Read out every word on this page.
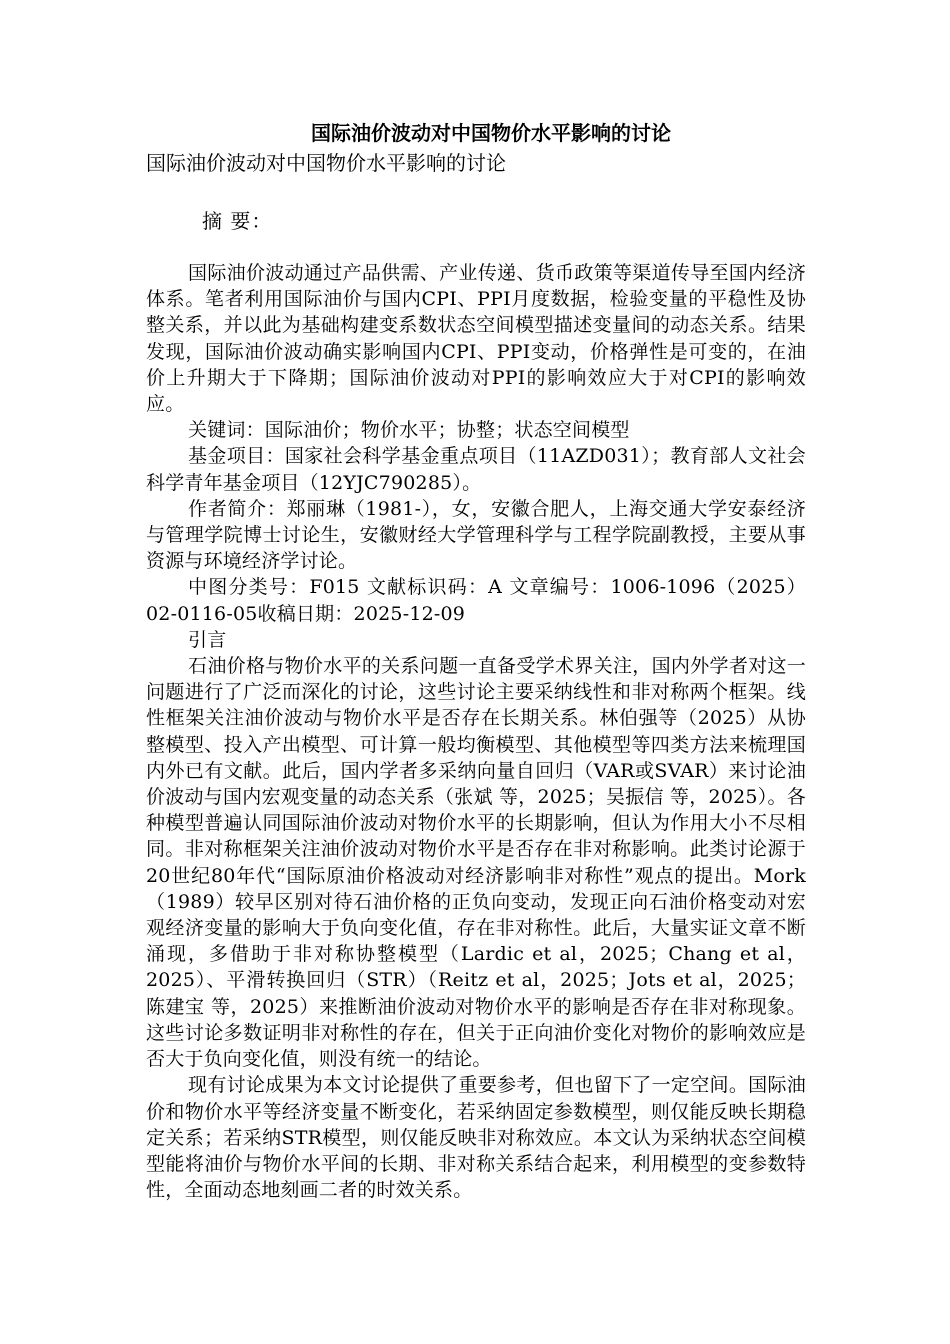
国际油价波动对中国物价水平影响的讨论
国际油价波动对中国物价水平影响的讨论
摘 要：

国际油价波动通过产品供需、产业传递、货币政策等渠道传导至国内经济体系。笔者利用国际油价与国内CPI、PPI月度数据，检验变量的平稳性及协整关系，并以此为基础构建变系数状态空间模型描述变量间的动态关系。结果发现，国际油价波动确实影响国内CPI、PPI变动，价格弹性是可变的，在油价上升期大于下降期；国际油价波动对PPI的影响效应大于对CPI的影响效应。

关键词：国际油价；物价水平；协整；状态空间模型

基金项目：国家社会科学基金重点项目（11AZD031）；教育部人文社会科学青年基金项目（12YJC790285）。

作者简介：郑丽琳（1981-），女，安徽合肥人，上海交通大学安泰经济与管理学院博士讨论生，安徽财经大学管理科学与工程学院副教授，主要从事资源与环境经济学讨论。

中图分类号：F015 文献标识码：A 文章编号：1006-1096（2025）02-0116-05收稿日期：2025-12-09

引言

石油价格与物价水平的关系问题一直备受学术界关注，国内外学者对这一问题进行了广泛而深化的讨论，这些讨论主要采纳线性和非对称两个框架。线性框架关注油价波动与物价水平是否存在长期关系。林伯强等（2025）从协整模型、投入产出模型、可计算一般均衡模型、其他模型等四类方法来梳理国内外已有文献。此后，国内学者多采纳向量自回归（VAR或SVAR）来讨论油价波动与国内宏观变量的动态关系（张斌 等，2025；吴振信 等，2025）。各种模型普遍认同国际油价波动对物价水平的长期影响，但认为作用大小不尽相同。非对称框架关注油价波动对物价水平是否存在非对称影响。此类讨论源于20世纪80年代“国际原油价格波动对经济影响非对称性”观点的提出。Mork（1989）较早区别对待石油价格的正负向变动，发现正向石油价格变动对宏观经济变量的影响大于负向变化值，存在非对称性。此后，大量实证文章不断涌现，多借助于非对称协整模型（Lardic et al，2025；Chang et al，2025）、平滑转换回归（STR）（Reitz et al，2025；Jots et al，2025；陈建宝 等，2025）来推断油价波动对物价水平的影响是否存在非对称现象。这些讨论多数证明非对称性的存在，但关于正向油价变化对物价的影响效应是否大于负向变化值，则没有统一的结论。

现有讨论成果为本文讨论提供了重要参考，但也留下了一定空间。国际油价和物价水平等经济变量不断变化，若采纳固定参数模型，则仅能反映长期稳定关系；若采纳STR模型，则仅能反映非对称效应。本文认为采纳状态空间模型能将油价与物价水平间的长期、非对称关系结合起来，利用模型的变参数特性，全面动态地刻画二者的时效关系。
